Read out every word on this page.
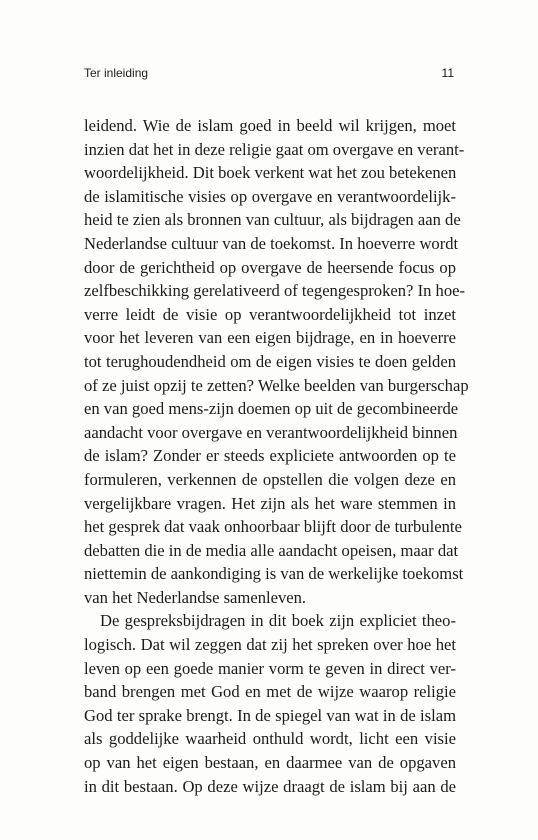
Ter inleiding	11
leidend. Wie de islam goed in beeld wil krijgen, moet
inzien dat het in deze religie gaat om overgave en verant-
woordelijkheid. Dit boek verkent wat het zou betekenen
de islamitische visies op overgave en verantwoordelijk-
heid te zien als bronnen van cultuur, als bijdragen aan de
Nederlandse cultuur van de toekomst. In hoeverre wordt
door de gerichtheid op overgave de heersende focus op
zelfbeschikking gerelativeerd of tegengesproken? In hoe-
verre leidt de visie op verantwoordelijkheid tot inzet
voor het leveren van een eigen bijdrage, en in hoeverre
tot terughoudendheid om de eigen visies te doen gelden
of ze juist opzij te zetten? Welke beelden van burgerschap
en van goed mens-zijn doemen op uit de gecombineerde
aandacht voor overgave en verantwoordelijkheid binnen
de islam? Zonder er steeds expliciete antwoorden op te
formuleren, verkennen de opstellen die volgen deze en
vergelijkbare vragen. Het zijn als het ware stemmen in
het gesprek dat vaak onhoorbaar blijft door de turbulente
debatten die in de media alle aandacht opeisen, maar dat
niettemin de aankondiging is van de werkelijke toekomst
van het Nederlandse samenleven.
De gespreksbijdragen in dit boek zijn expliciet theo-
logisch. Dat wil zeggen dat zij het spreken over hoe het
leven op een goede manier vorm te geven in direct ver-
band brengen met God en met de wijze waarop religie
God ter sprake brengt. In de spiegel van wat in de islam
als goddelijke waarheid onthuld wordt, licht een visie
op van het eigen bestaan, en daarmee van de opgaven
in dit bestaan. Op deze wijze draagt de islam bij aan de
